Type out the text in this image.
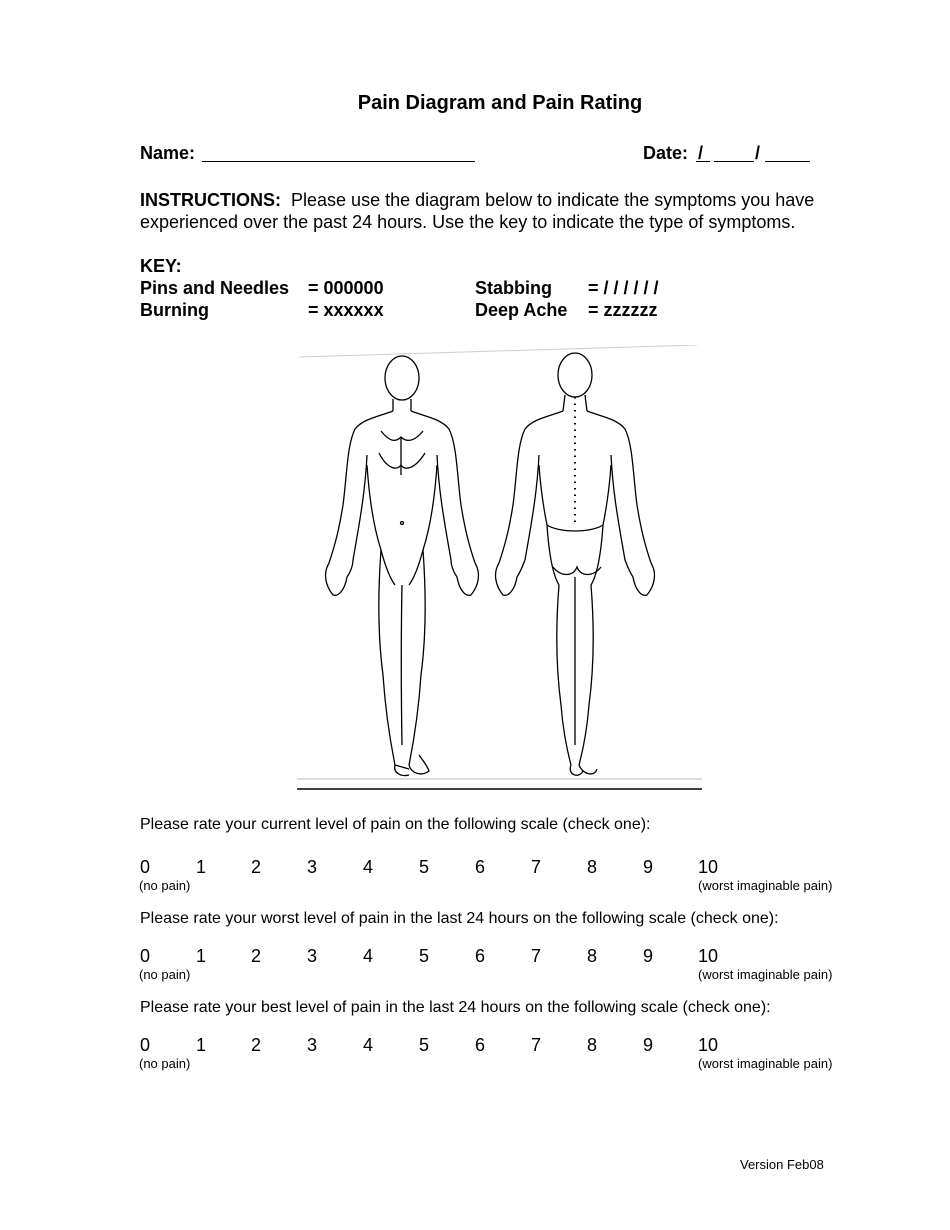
Pain Diagram and Pain Rating
Name:	Date: /	/
INSTRUCTIONS: Please use the diagram below to indicate the symptoms you have experienced over the past 24 hours. Use the key to indicate the type of symptoms.
KEY:
Pins and Needles = 000000
Burning	= xxxxxx
Stabbing = / / / / / /
Deep Ache = zzzzzz
Please rate your current level of pain on the following scale (check one):
0	1 2	3	4	5	6	7	8	9 10
(no pain)	(worst imaginable pain)
Please rate your worst level of pain in the last 24 hours on the following scale (check one):
0	1 2	3	4	5	6	7	8	9 10
(no pain)	(worst imaginable pain)
Please rate your best level of pain in the last 24 hours on the following scale (check one):
0	1 2	3	4	5	6	7	8	9 10
(no pain)	(worst imaginable pain)
Version Feb08
